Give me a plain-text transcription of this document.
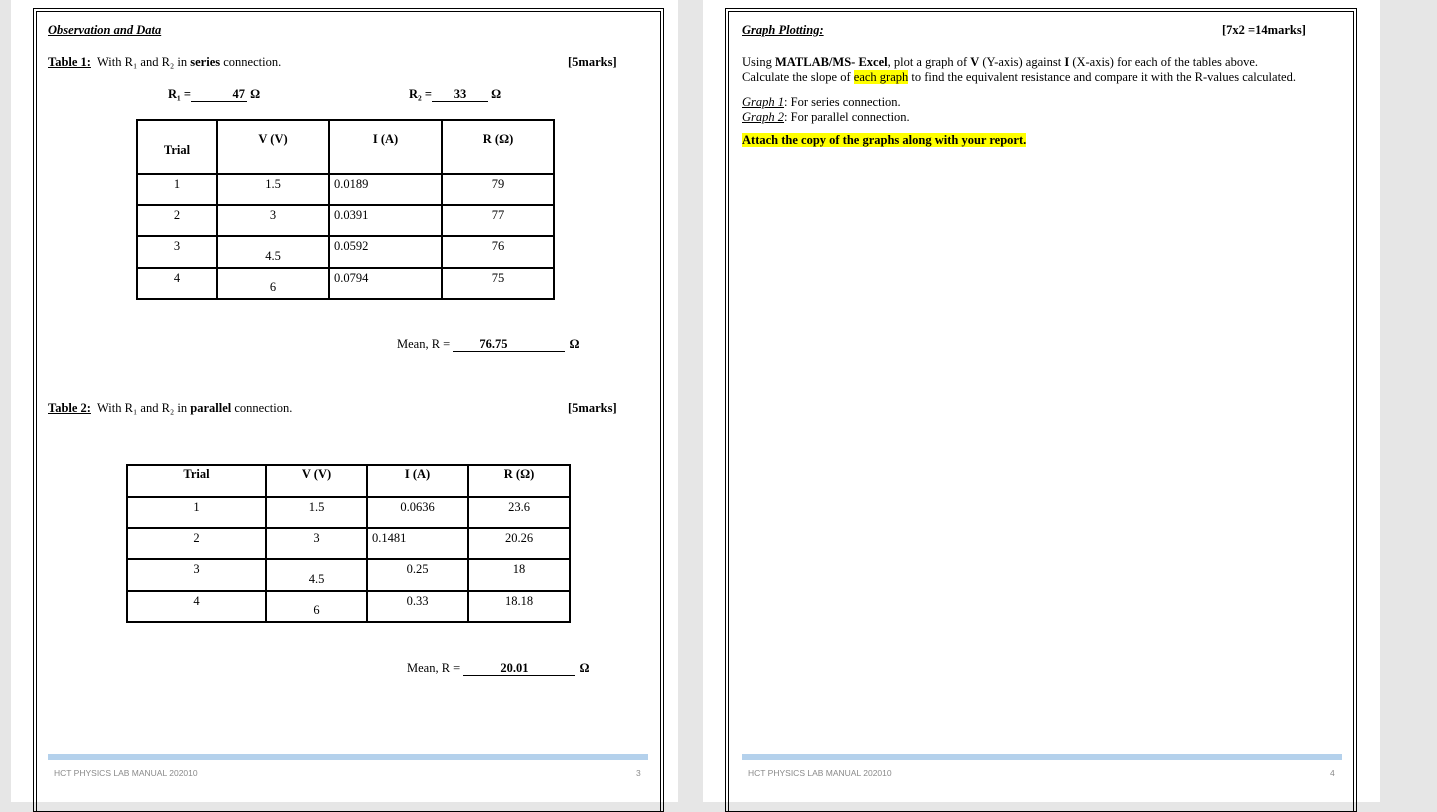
Observation and Data
Table 1: With R₁ and R₂ in series connection.	[5marks]
R₁ =	47 Ω	R₂ = 33 Ω
Trial	V (V)	I (A)	R (Ω)
1	1.5	0.0189	79
2	3	0.0391	77
3	4.5	0.0592	76
4	6	0.0794	75
Mean, R = 76.75	Ω
Table 2: With R₁ and R₂ in parallel connection.	[5marks]
Trial	V (V)	I (A)	R (Ω)
1	1.5	0.0636	23.6
2	3	0.1481	20.26
3	4.5	0.25	18
4	6	0.33	18.18
Mean, R =	20.01	Ω
HCT PHYSICS LAB MANUAL 202010	3
Graph Plotting:	[7x2 =14marks]
Using MATLAB/MS- Excel, plot a graph of V (Y-axis) against I (X-axis) for each of the tables above.
Calculate the slope of each graph to find the equivalent resistance and compare it with the R-values calculated.
Graph 1: For series connection.
Graph 2: For parallel connection.
Attach the copy of the graphs along with your report.
HCT PHYSICS LAB MANUAL 202010	4
